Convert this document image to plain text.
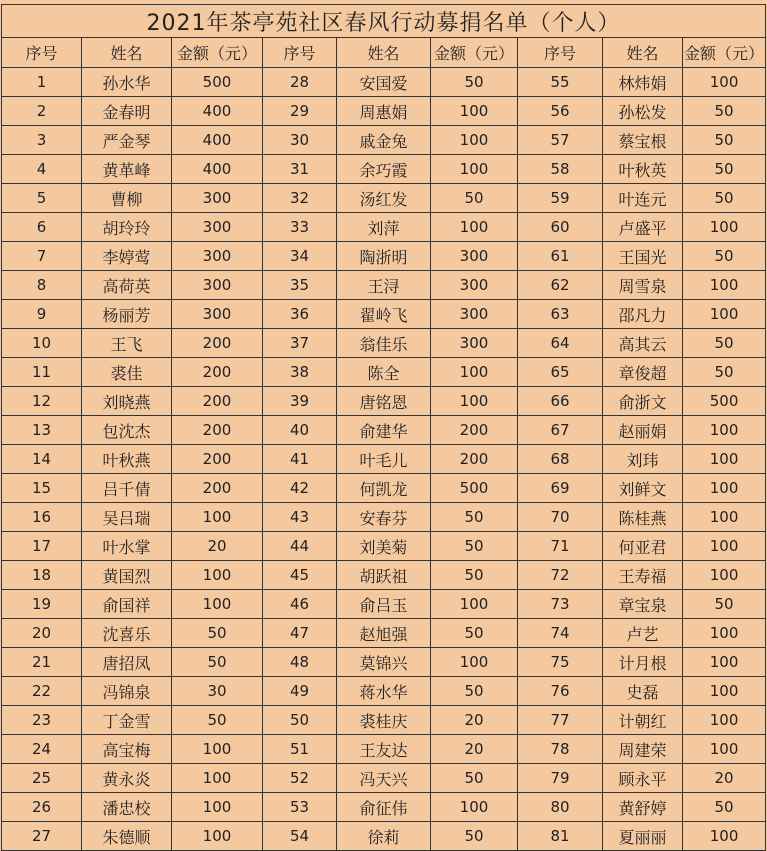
2021年茶亭苑社区春风行动募捐名单（个人）								
序号	姓名	金额（元）	序号	姓名	金额（元）	序号	姓名	金额（元）
1	孙水华	500	28	安国爱	50	55	林炜娟	100
2	金春明	400	29	周惠娟	100	56	孙松发	50
3	严金琴	400	30	戚金兔	100	57	蔡宝根	50
4	黄革峰	400	31	余巧霞	100	58	叶秋英	50
5	曹柳	300	32	汤红发	50	59	叶连元	50
6	胡玲玲	300	33	刘萍	100	60	卢盛平	100
7	李婷莺	300	34	陶浙明	300	61	王国光	50
8	高荷英	300	35	王浔	300	62	周雪泉	100
9	杨丽芳	300	36	翟岭飞	300	63	邵凡力	100
10	王飞	200	37	翁佳乐	300	64	高其云	50
11	裘佳	200	38	陈全	100	65	章俊超	50
12	刘晓燕	200	39	唐铭恩	100	66	俞浙文	500
13	包沈杰	200	40	俞建华	200	67	赵丽娟	100
14	叶秋燕	200	41	叶毛儿	200	68	刘玮	100
15	吕千倩	200	42	何凯龙	500	69	刘鲜文	100
16	吴吕瑞	100	43	安春芬	50	70	陈桂燕	100
17	叶水掌	20	44	刘美菊	50	71	何亚君	100
18	黄国烈	100	45	胡跃祖	50	72	王寿福	100
19	俞国祥	100	46	俞吕玉	100	73	章宝泉	50
20	沈喜乐	50	47	赵旭强	50	74	卢艺	100
21	唐招凤	50	48	莫锦兴	100	75	计月根	100
22	冯锦泉	30	49	蒋水华	50	76	史磊	100
23	丁金雪	50	50	裘桂庆	20	77	计朝红	100
24	高宝梅	100	51	王友达	20	78	周建荣	100
25	黄永炎	100	52	冯天兴	50	79	顾永平	20
26	潘忠校	100	53	俞征伟	100	80	黄舒婷	50
27	朱德顺	100	54	徐莉	50	81	夏丽丽	100
